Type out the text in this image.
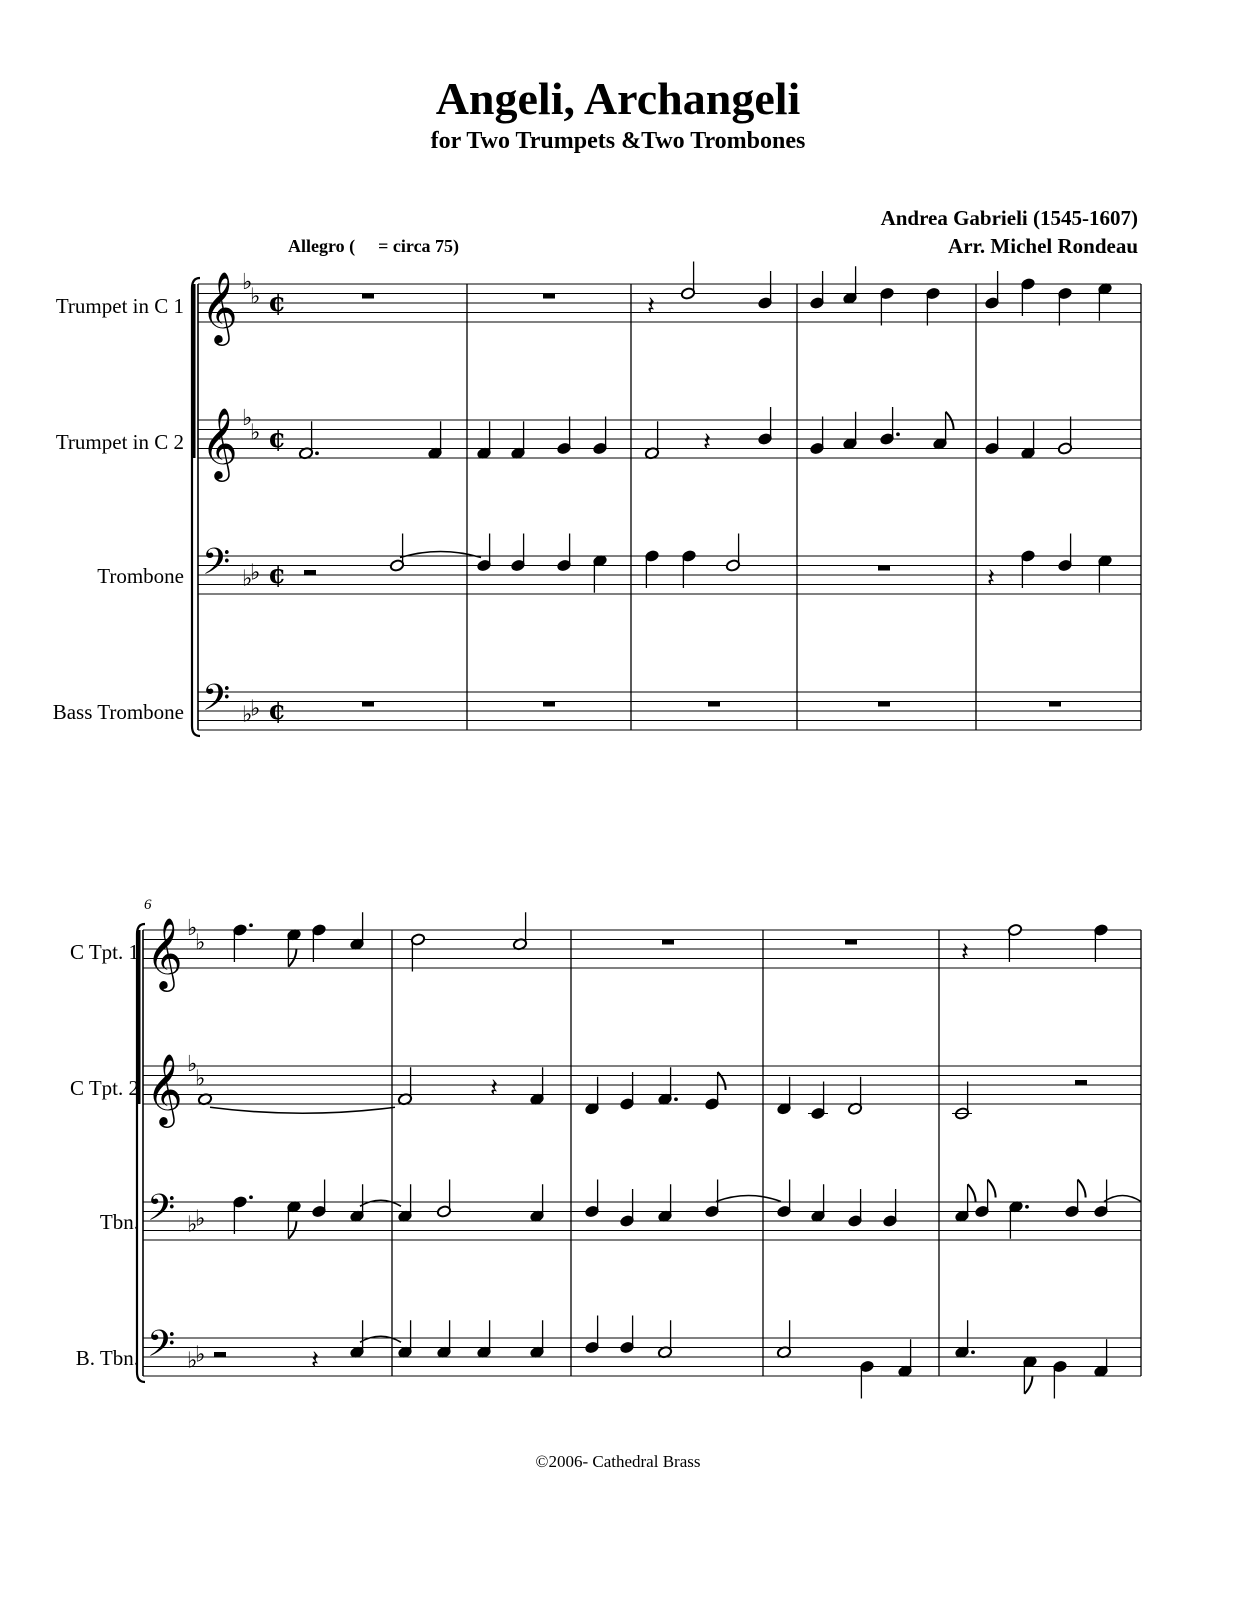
Angeli, Archangeli
for Two Trumpets &Two Trombones
Andrea Gabrieli (1545-1607)
Arr. Michel Rondeau
Allegro ( = circa 75)
Trumpet in C 1
Trumpet in C 2
Trombone
Bass Trombone
6
C Tpt. 1
C Tpt. 2
Tbn.
B. Tbn.
©2006- Cathedral Brass
𝄞 ♭
♭ ¢
𝄞 ♭
♭ ¢
𝄢 ♭
♭ ¢
𝄢 ♭
♭ ¢
𝄽
𝄽
𝄽
𝄞 ♭
♭
𝄞 ♭
♭
𝄢 ♭
♭
𝄢 ♭
♭
𝄽
𝄽
𝄽
